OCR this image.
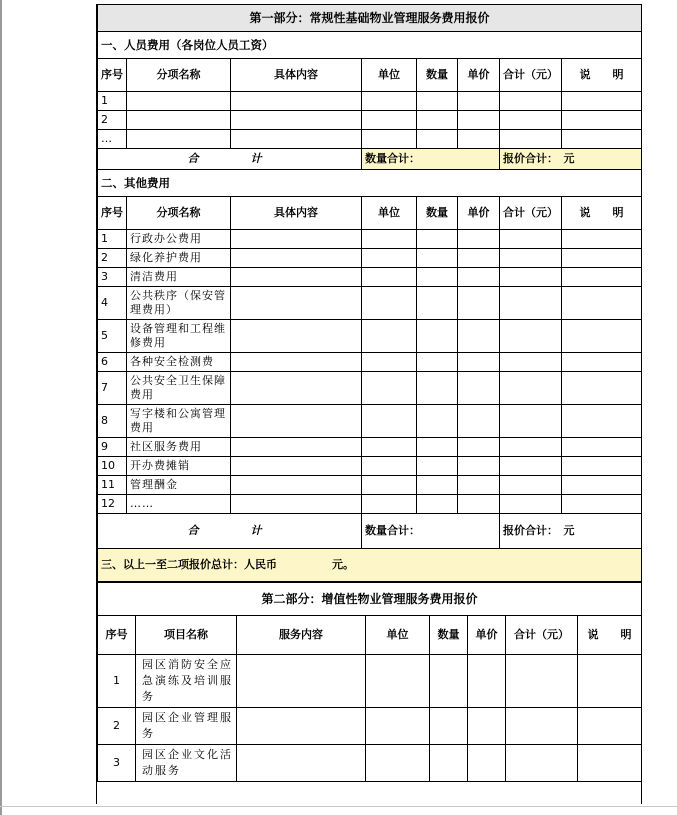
第一部分：常规性基础物业管理服务费用报价							
一、人员费用（各岗位人员工资）							
序号	分项名称	具体内容	单位	数量	单价	合计（元）	说　　明
1							
2							
…							
合　　计			数量合计：			报价合计：　元	
二、其他费用							
序号	分项名称	具体内容	单位	数量	单价	合计（元）	说　　明
1	行政办公费用						
2	绿化养护费用						
3	清洁费用						
4	公共秩序（保安管理费用）						
5	设备管理和工程维修费用						
6	各种安全检测费						
7	公共安全卫生保障费用						
8	写字楼和公寓管理费用						
9	社区服务费用						
10	开办费摊销						
11	管理酬金						
12	……						
合　　计			数量合计：			报价合计：　元	
三、以上一至二项报价总计：人民币　　　　　元。							
第二部分：增值性物业管理服务费用报价							
序号	项目名称	服务内容	单位	数量	单价	合计（元）	说　　明
1	园区消防安全应急演练及培训服务						
2	园区企业管理服务						
3	园区企业文化活动服务						
